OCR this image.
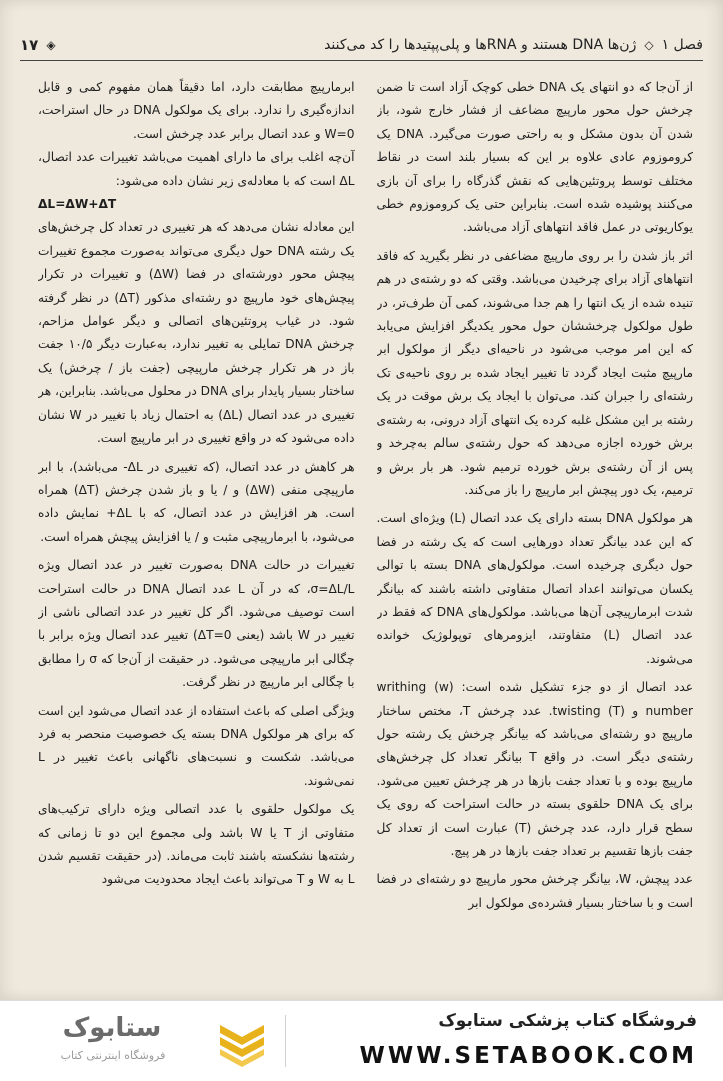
فصل ۱
◇
ژن‌ها DNA هستند و RNAها و پلی‌پپتیدها را کد می‌کنند
◈
۱۷

از آن‌جا که دو انتهای یک DNA خطی کوچک آزاد است تا ضمن چرخش حول محور مارپیچ مضاعف از فشار خارج شود، باز شدن آن بدون مشکل و به راحتی صورت می‌گیرد. DNA یک کروموزوم عادی علاوه بر این که بسیار بلند است در نقاط مختلف توسط پروتئین‌هایی که نقش گذرگاه را برای آن بازی می‌کنند پوشیده شده است. بنابراین حتی یک کروموزوم خطی یوکاریوتی در عمل فاقد انتهاهای آزاد می‌باشد.

اثر باز شدن را بر روی مارپیچ مضاعفی در نظر بگیرید که فاقد انتهاهای آزاد برای چرخیدن می‌باشد. وقتی که دو رشته‌ی در هم تنیده شده از یک انتها را هم جدا می‌شوند، کمی آن طرف‌تر، در طول مولکول چرخششان حول محور یکدیگر افزایش می‌یابد که این امر موجب می‌شود در ناحیه‌ای دیگر از مولکول ابر مارپیچ مثبت ایجاد گردد تا تغییر ایجاد شده بر روی ناحیه‌ی تک رشته‌ای را جبران کند. می‌توان با ایجاد یک برش موقت در یک رشته بر این مشکل غلبه کرده یک انتهای آزاد درونی، به رشته‌ی برش خورده اجازه می‌دهد که حول رشته‌ی سالم به‌چرخد و پس از آن رشته‌ی برش خورده ترمیم شود. هر بار برش و ترمیم، یک دور پیچش ابر مارپیچ را باز می‌کند.

هر مولکول DNA بسته دارای یک عدد اتصال (L) ویژه‌ای است. که این عدد بیانگر تعداد دورهایی است که یک رشته در فضا حول دیگری چرخیده است. مولکول‌های DNA بسته با توالی یکسان می‌توانند اعداد اتصال متفاوتی داشته باشند که بیانگر شدت ابرمارپیچی آن‌ها می‌باشد. مولکول‌های DNA که فقط در عدد اتصال (L) متفاوتند، ایزومرهای توپولوژیک خوانده می‌شوند.

عدد اتصال از دو جزء تشکیل شده است: writhing (w) number و (T) twisting. عدد چرخش T، مختص ساختار مارپیچ دو رشته‌ای می‌باشد که بیانگر چرخش یک رشته حول رشته‌ی دیگر است. در واقع T بیانگر تعداد کل چرخش‌های مارپیچ بوده و با تعداد جفت بازها در هر چرخش تعیین می‌شود. برای یک DNA حلقوی بسته در حالت استراحت که روی یک سطح قرار دارد، عدد چرخش (T) عبارت است از تعداد کل جفت بازها تقسیم بر تعداد جفت بازها در هر پیچ.

عدد پیچش، W، بیانگر چرخش محور مارپیچ دو رشته‌ای در فضا است و با ساختار بسیار فشرده‌ی مولکول ابر

ابرمارپیچ مطابقت دارد، اما دقیقاً همان مفهوم کمی و قابل اندازه‌گیری را ندارد. برای یک مولکول DNA در حال استراحت، W=0 و عدد اتصال برابر عدد چرخش است.

آن‌چه اغلب برای ما دارای اهمیت می‌باشد تغییرات عدد اتصال، ΔL است که با معادله‌ی زیر نشان داده می‌شود:

ΔL=ΔW+ΔT

این معادله نشان می‌دهد که هر تغییری در تعداد کل چرخش‌های یک رشته DNA حول دیگری می‌تواند به‌صورت مجموع تغییرات پیچش محور دورشته‌ای در فضا (ΔW) و تغییرات در تکرار پیچش‌های خود مارپیچ دو رشته‌ای مذکور (ΔT) در نظر گرفته شود. در غیاب پروتئین‌های اتصالی و دیگر عوامل مزاحم، چرخش DNA تمایلی به تغییر ندارد، به‌عبارت دیگر ۱۰/۵ جفت باز در هر تکرار چرخش مارپیچی (جفت باز / چرخش) یک ساختار بسیار پایدار برای DNA در محلول می‌باشد. بنابراین، هر تغییری در عدد اتصال (ΔL) به احتمال زیاد با تغییر در W نشان داده می‌شود که در واقع تغییری در ابر مارپیچ است.

هر کاهش در عدد اتصال، (که تغییری در ΔL- می‌باشد)، با ابر مارپیچی منفی (ΔW) و / یا و باز شدن چرخش (ΔT) همراه است. هر افزایش در عدد اتصال، که با ΔL+ نمایش داده می‌شود، با ابرمارپیچی مثبت و / یا افزایش پیچش همراه است.

تغییرات در حالت DNA به‌صورت تغییر در عدد اتصال ویژه σ=ΔL/L، که در آن L عدد اتصال DNA در حالت استراحت است توصیف می‌شود. اگر کل تغییر در عدد اتصالی ناشی از تغییر در W باشد (یعنی ΔT=0) تغییر عدد اتصال ویژه برابر با چگالی ابر مارپیچی می‌شود. در حقیقت از آن‌جا که σ را مطابق با چگالی ابر مارپیچ در نظر گرفت.

ویژگی اصلی که باعث استفاده از عدد اتصال می‌شود این است که برای هر مولکول DNA بسته یک خصوصیت منحصر به فرد می‌باشد. شکست و نسبت‌های ناگهانی باعث تغییر در L نمی‌شوند.

یک مولکول حلقوی با عدد اتصالی ویژه دارای ترکیب‌های متفاوتی از T یا W باشد ولی مجموع این دو تا زمانی که رشته‌ها نشکسته باشند ثابت می‌ماند. (در حقیقت تقسیم شدن L به W و T می‌تواند باعث ایجاد محدودیت می‌شود

ستابوک
فروشگاه اینترنتی کتاب
فروشگاه کتاب پزشکی ستابوک
WWW.SETABOOK.COM
